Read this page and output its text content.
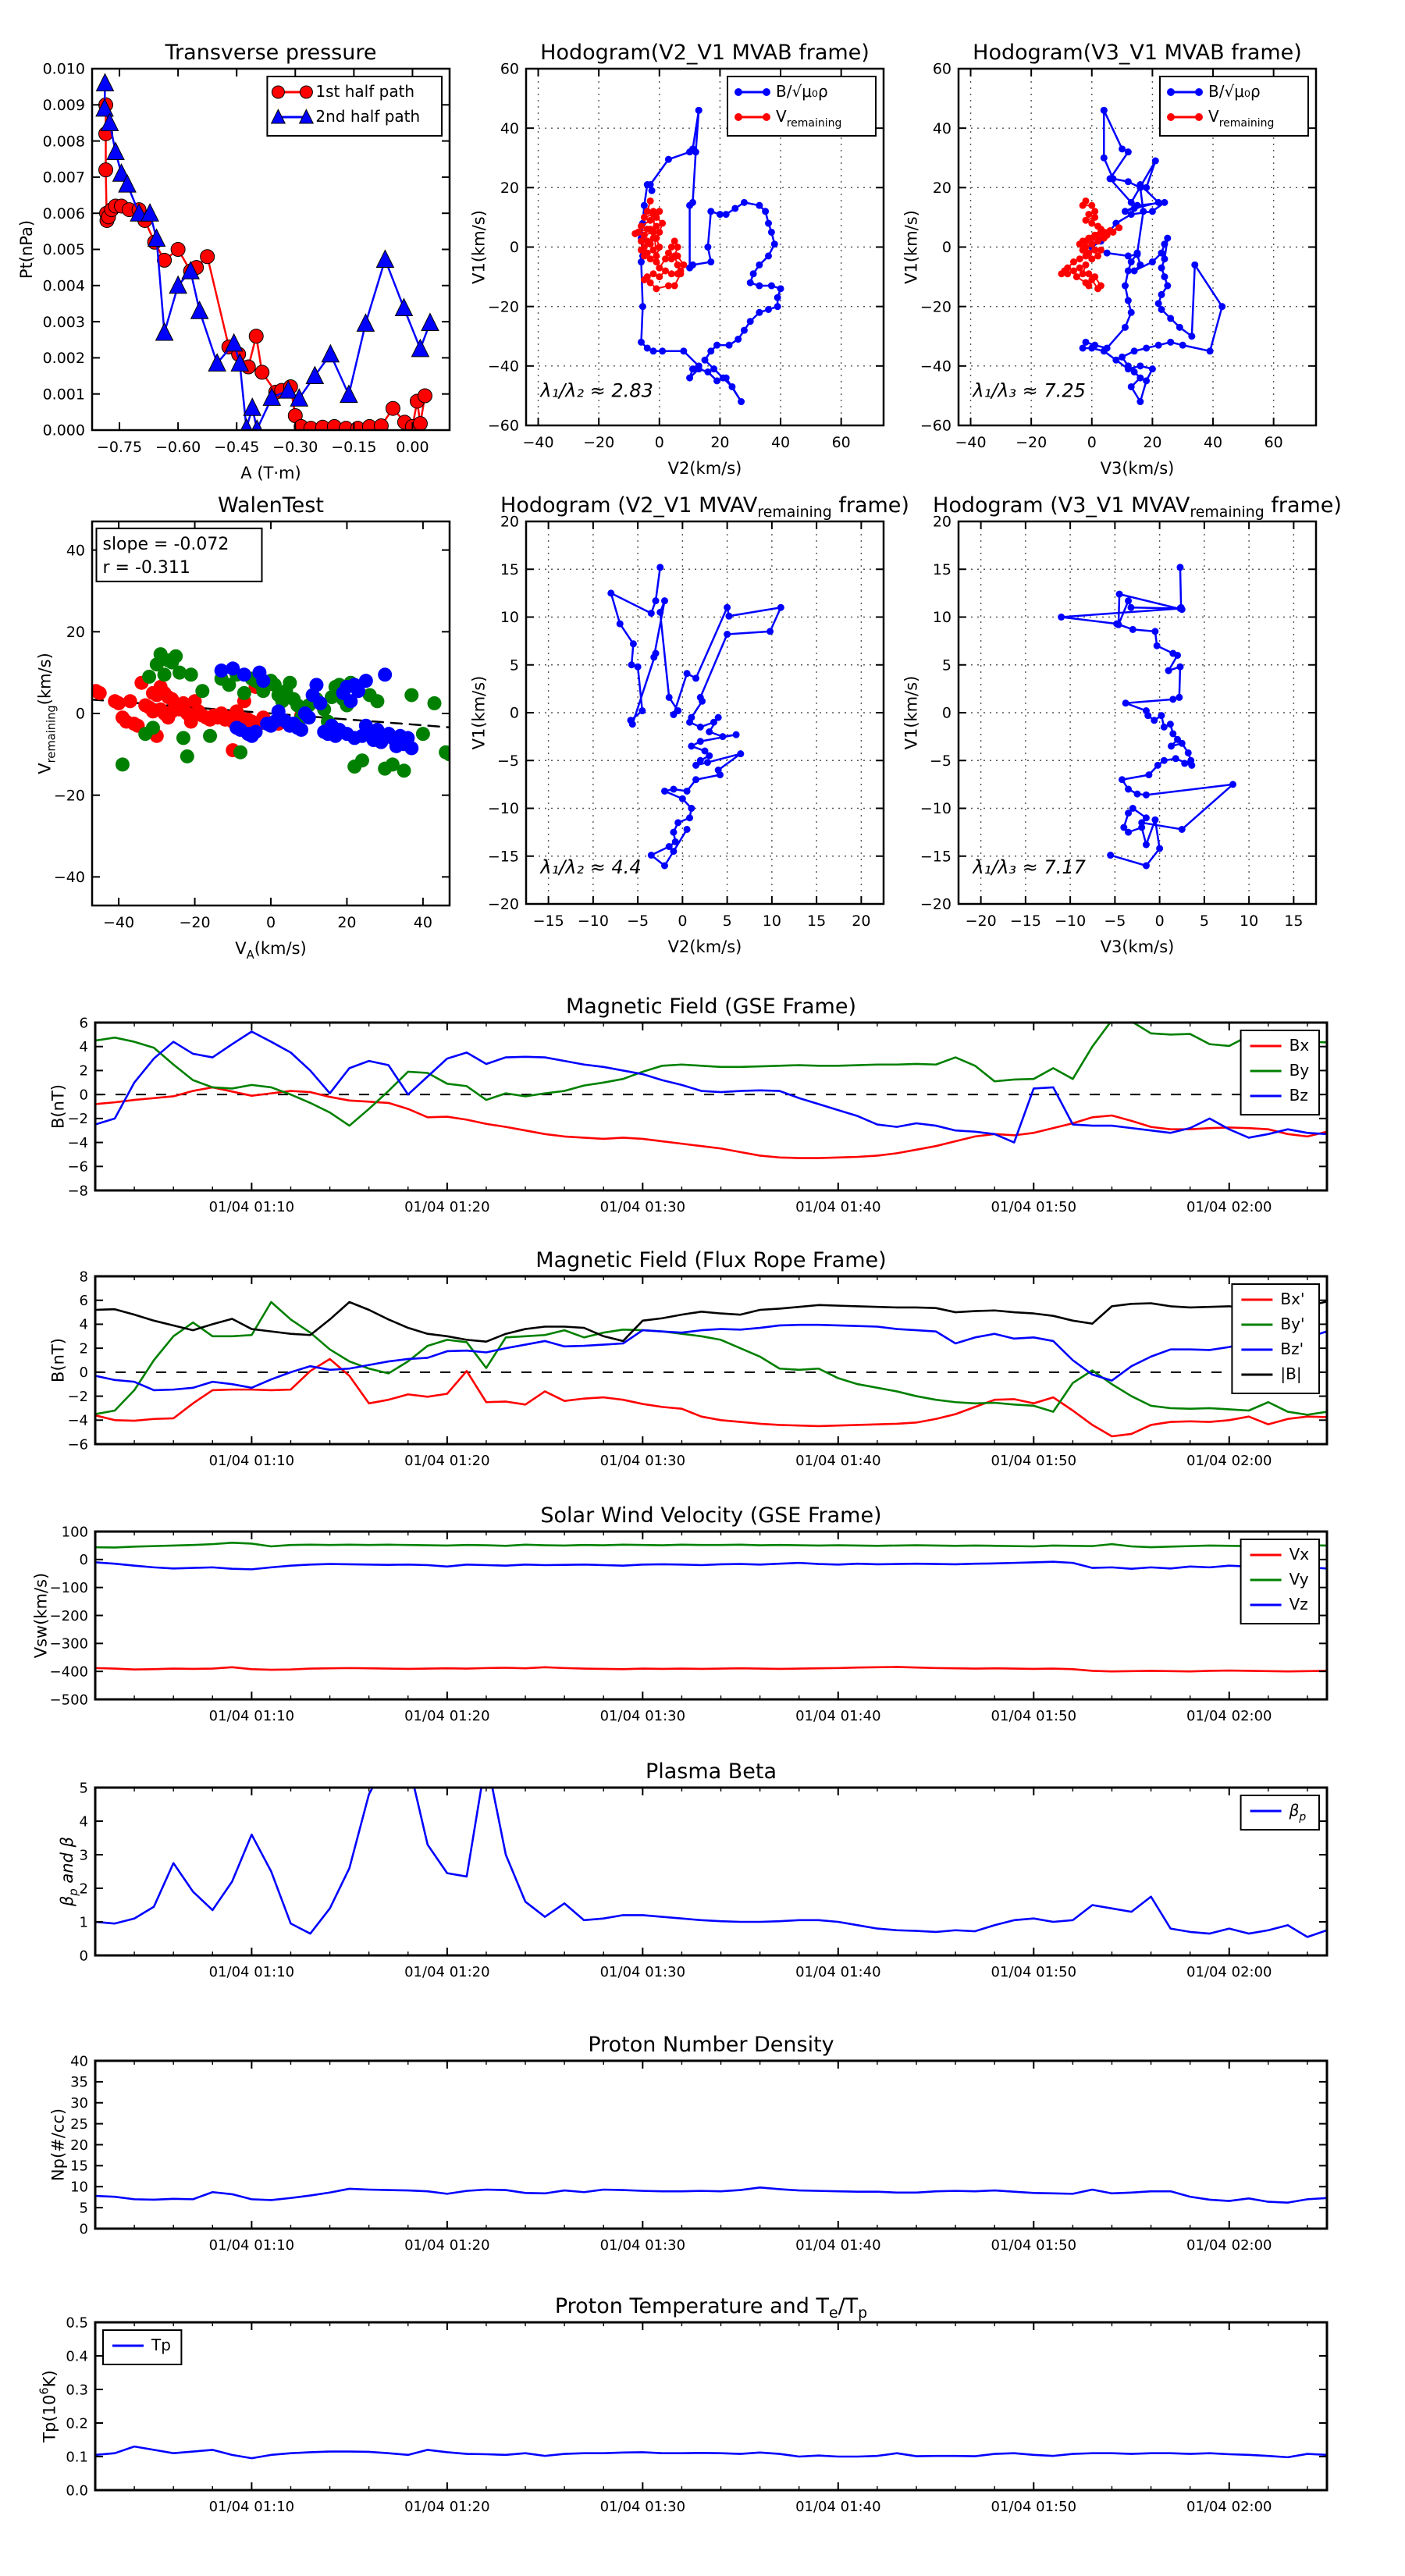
−0.75 −0.60 −0.45 −0.30 −0.15 0.00
0.000
0.001
0.002
0.003
0.004
0.005
0.006
0.007
0.008
0.009
0.010
A (T·m)
Pt(nPa)
Transverse pressure
1st half path
2nd half path
−40 −20	0	20	40	60
−60
−40
−20
0
20
40
60
V2(km/s)
V1(km/s)
Hodogram(V2_V1 MVAB frame)
B/√μ₀ρ
$V_{remaining}$
λ₁/λ₂ ≈ 2.83
−40 −20	0	20	40	60
−60
−40
−20
0
20
40
60
V3(km/s)
V1(km/s)
Hodogram(V3_V1 MVAB frame)
B/√μ₀ρ
$V_{remaining}$
λ₁/λ₃ ≈ 7.25
−40	−20	0	20	40
−40
−20
0
20
40
$V_A(km/s)$
$V_{remaining}(km/s)$
WalenTest
slope = -0.072
r = -0.311
−15 −10 −5 0 5 10 15 20
−20
−15
−10
−5
0
5
10
15
20
V2(km/s)
V1(km/s)
Hodogram (V2_V1 $MVAV_{remaining}$ frame)
λ₁/λ₂ ≈ 4.4
−20 −15 −10 −5 0 5 10 15
−20
−15
−10
−5
0
5
10
15
20
V3(km/s)
V1(km/s)
Hodogram (V3_V1 $MVAV_{remaining}$ frame)
λ₁/λ₃ ≈ 7.17
01/04 01:10	01/04 01:20	01/04 01:30	01/04 01:40	01/04 01:50	01/04 02:00
−8
−6
−4
−2
0
2
4
6
B(nT)
Magnetic Field (GSE Frame)
Bx
By
Bz
01/04 01:10	01/04 01:20	01/04 01:30	01/04 01:40	01/04 01:50	01/04 02:00
−6
−4
−2
0
2
4
6
8
B(nT)
Magnetic Field (Flux Rope Frame)
Bx'
By'
Bz'
|B|
01/04 01:10	01/04 01:20	01/04 01:30	01/04 01:40	01/04 01:50	01/04 02:00
−500
−400
−300
−200
−100
0
100
Vsw(km/s)
Solar Wind Velocity (GSE Frame)
Vx
Vy
Vz
01/04 01:10	01/04 01:20	01/04 01:30	01/04 01:40	01/04 01:50	01/04 02:00
0
1
2
3
4
5
$\beta_p$ and β
Plasma Beta
$\beta_p$
01/04 01:10	01/04 01:20	01/04 01:30	01/04 01:40	01/04 01:50	01/04 02:00
0
5
10
15
20
25
30
35
40
Np(#/cc)
Proton Number Density
01/04 01:10	01/04 01:20	01/04 01:30	01/04 01:40	01/04 01:50	01/04 02:00
0.0
0.1
0.2
0.3
0.4
0.5
$Tp(10^6K)$
Proton Temperature and $T_e/T_p$
Tp
